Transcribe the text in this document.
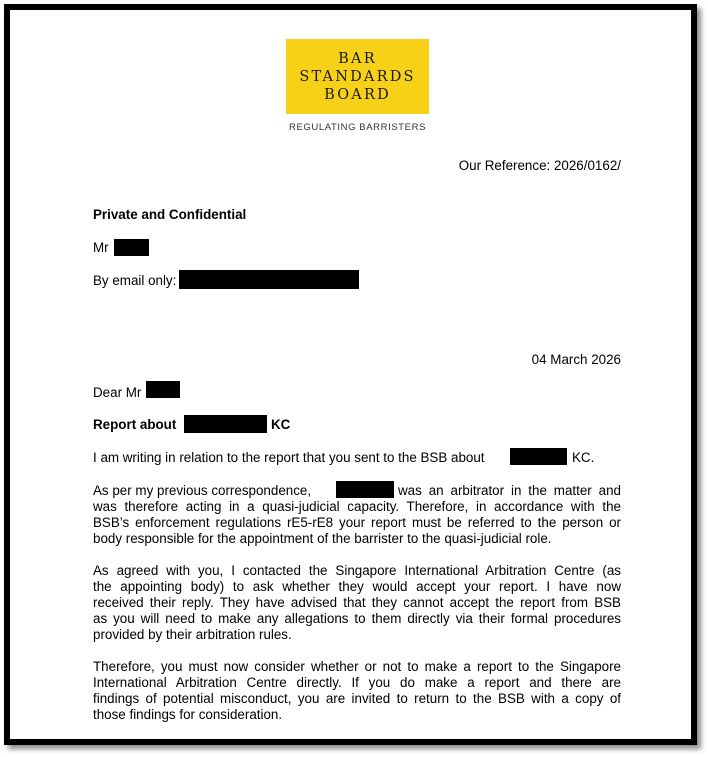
BAR
STANDARDS
BOARD
REGULATING BARRISTERS
Our Reference: 2026/0162/
Private and Confidential
Mr
By email only:
04 March 2026
Dear Mr
Report about	KC
I am writing in relation to the report that you sent to the BSB about	KC.
As per my previous correspondence,	was an arbitrator in the matter and
was therefore acting in a quasi-judicial capacity. Therefore, in accordance with the
BSB’s enforcement regulations rE5-rE8 your report must be referred to the person or
body responsible for the appointment of the barrister to the quasi-judicial role.
As agreed with you, I contacted the Singapore International Arbitration Centre (as
the appointing body) to ask whether they would accept your report. I have now
received their reply. They have advised that they cannot accept the report from BSB
as you will need to make any allegations to them directly via their formal procedures
provided by their arbitration rules.
Therefore, you must now consider whether or not to make a report to the Singapore
International Arbitration Centre directly. If you do make a report and there are
findings of potential misconduct, you are invited to return to the BSB with a copy of
those findings for consideration.
